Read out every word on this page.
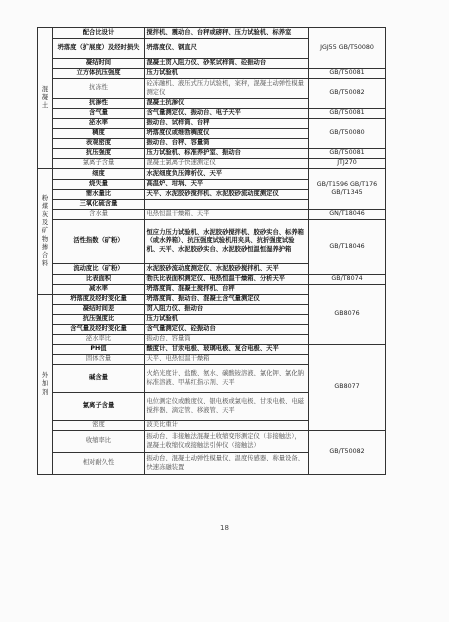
混凝土	配合比设计	搅拌机、震动台、台秤或磅秤、压力试验机、标养室	JGJ55 GB/T50080
	坍落度（扩展度）及经时损失	坍落度仪、钢直尺	
	凝结时间	混凝土贯入阻力仪、砂浆试样筒、砼振动台	
	立方体抗压强度	压力试验机	GB/T50081
	抗冻性	砼冻融机、液压式压力试验机，案秤，混凝土动弹性模量测定仪	GB/T50082
	抗渗性	混凝土抗渗仪	
	含气量	含气量测定仪、振动台、电子天平	GB/T50081
	泌水率	振动台、试样筒、台秤	GB/T50080
	稠度	坍落度仪或维勃稠度仪	
	表观密度	振动台、台秤、容量筒	
	抗压强度	压力试验机、标准养护室、振动台	GB/T50081
	氯离子含量	混凝土氯离子快速测定仪	JTJ270
粉煤灰及矿物掺合料	细度	水泥细度负压筛析仪、天平	GB/T1596 GB/T176 GB/T1345
	烧失量	高温炉、坩埚、天平	
	需水量比	天平、水泥胶砂搅拌机、水泥胶砂流动度测定仪	
	三氧化硫含量		
	含水量	电热恒温干燥箱、天平	GN/T18046
	活性指数（矿粉）	恒应力压力试验机、水泥胶砂搅拌机、胶砂实台、标养箱（或水养箱）、抗压强度试验机用夹具、抗折强度试验机、天平、水泥胶砂实台、水泥胶砂恒温恒湿养护箱	GB/T18046
	流动度比（矿粉）	水泥胶砂流动度测定仪、水泥胶砂搅拌机、天平	
	比表面积	勃氏比表面积测定仪、电热恒温干燥箱、分析天平	GB/T8074
	减水率	坍落度筒、混凝土搅拌机、台秤	GB8076
外加剂	坍落度及经时变化量	坍落度筒、振动台、混凝土含气量测定仪	
	凝结时间差	贯入阻力仪、振动台	
	抗压强度比	压力试验机	
	含气量及经时变化量	含气量测定仪、砼振动台	
	泌水率比	振动台、容量筒	
	PH值	酸度计、甘汞电极、玻璃电极、复合电极、天平	GB8077
	固体含量	天平、电热恒温干燥箱	
	碱含量	火焰光度计、盐酸、氨水、碳酸铵溶液、氯化钾、氯化钠标准溶液、甲基红指示剂、天平	
	氯离子含量	电位测定仪或酸度仪、银电极或氯电极、甘汞电极、电磁搅拌器、滴定管、移液管、天平	
	密度	波美比重计	
	收缩率比	振动台、非接触法混凝土收缩变形测定仪（非接触法），混凝土收缩仪或接触法引伸仪（接触法）	GB/T50082
	相对耐久性	振动台、混凝土动弹性模量仪、温度传感器、称量设备、快速冻融装置	
18
